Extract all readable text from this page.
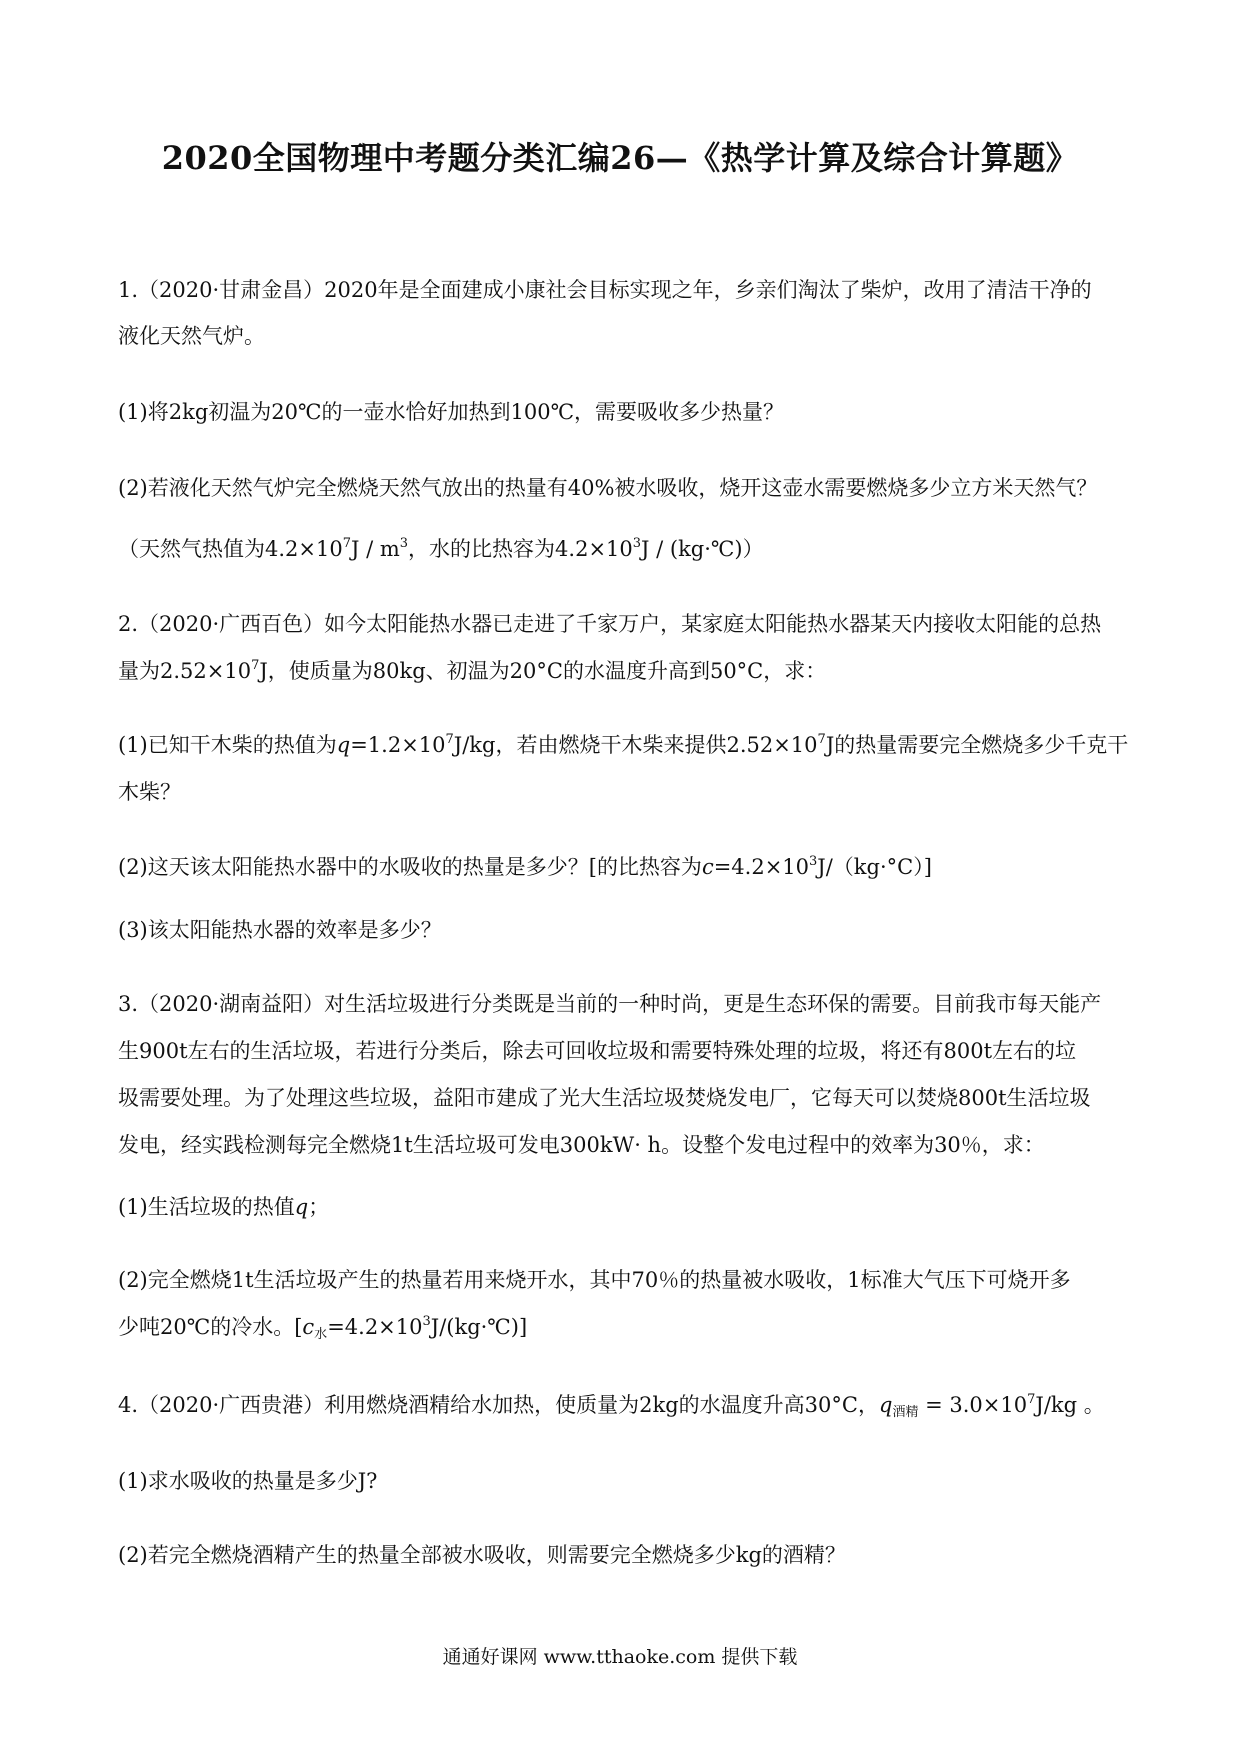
2020全国物理中考题分类汇编26—《热学计算及综合计算题》
1.（2020·甘肃金昌）2020年是全面建成小康社会目标实现之年，乡亲们淘汰了柴炉，改用了清洁干净的
液化天然气炉。
(1)将2kg初温为20℃的一壶水恰好加热到100℃，需要吸收多少热量？
(2)若液化天然气炉完全燃烧天然气放出的热量有40%被水吸收，烧开这壶水需要燃烧多少立方米天然气？
（天然气热值为$4.2\times 10^7J / m^3$，水的比热容为$4.2\times 10^3J$ / (kg·℃)）
2.（2020·广西百色）如今太阳能热水器已走进了千家万户，某家庭太阳能热水器某天内接收太阳能的总热
量为$2.52\times 10^7J$，使质量为80kg、初温为20°C的水温度升高到50°C，求：
(1)已知干木柴的热值为$q=1.2\times 10^7J/kg$，若由燃烧干木柴来提供$2.52\times 10^7J$的热量需要完全燃烧多少千克干
木柴？
(2)这天该太阳能热水器中的水吸收的热量是多少？[的比热容为$c=4.2\times 10^3J/(kg\cdot^\circ C)$]
(3)该太阳能热水器的效率是多少？
3.（2020·湖南益阳）对生活垃圾进行分类既是当前的一种时尚，更是生态环保的需要。目前我市每天能产
生900t左右的生活垃圾，若进行分类后，除去可回收垃圾和需要特殊处理的垃圾，将还有800t左右的垃
圾需要处理。为了处理这些垃圾，益阳市建成了光大生活垃圾焚烧发电厂，它每天可以焚烧800t生活垃圾
发电，经实践检测每完全燃烧1t生活垃圾可发电300kW· h。设整个发电过程中的效率为30％，求：
(1)生活垃圾的热值q；
(2)完全燃烧1t生活垃圾产生的热量若用来烧开水，其中70％的热量被水吸收，1标准大气压下可烧开多
少吨20℃的冷水。$[c_水=4.2\times 10^3J/(kg\cdot℃)]$
4.（2020·广西贵港）利用燃烧酒精给水加热，使质量为2kg的水温度升高30°C，$q_{酒精} = 3.0\times 10^7J/kg$ 。
(1)求水吸收的热量是多少J?
(2)若完全燃烧酒精产生的热量全部被水吸收，则需要完全燃烧多少kg的酒精？
通通好课网 www.tthaoke.com 提供下载
